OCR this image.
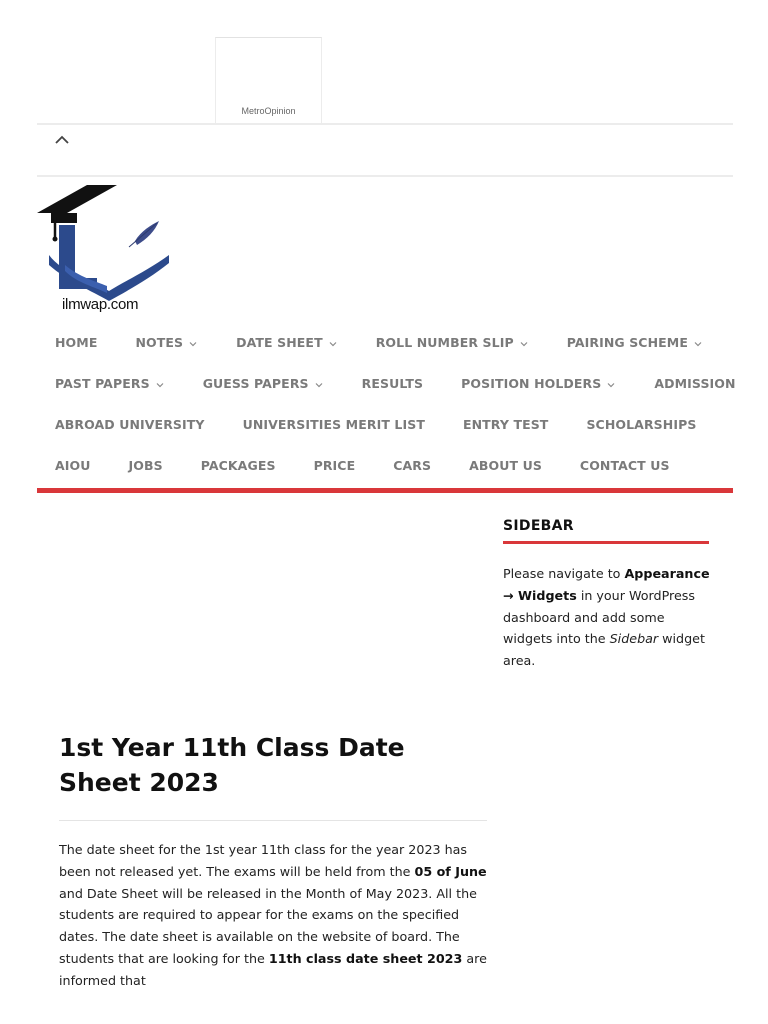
MetroOpinion
ilmwap.com
HOME	NOTES	DATE SHEET	ROLL NUMBER SLIP	PAIRING SCHEME
PAST PAPERS	GUESS PAPERS	RESULTS	POSITION HOLDERS	ADMISSION
ABROAD UNIVERSITY	UNIVERSITIES MERIT LIST	ENTRY TEST	SCHOLARSHIPS
AIOU	JOBS	PACKAGES	PRICE	CARS	ABOUT US	CONTACT US
SIDEBAR
Please navigate to Appearance → Widgets in your WordPress dashboard and add some widgets into the Sidebar widget area.
1st Year 11th Class Date Sheet 2023
The date sheet for the 1st year 11th class for the year 2023 has been not released yet. The exams will be held from the 05 of June and Date Sheet will be released in the Month of May 2023. All the students are required to appear for the exams on the specified dates. The date sheet is available on the website of board. The students that are looking for the 11th class date sheet 2023 are informed that
